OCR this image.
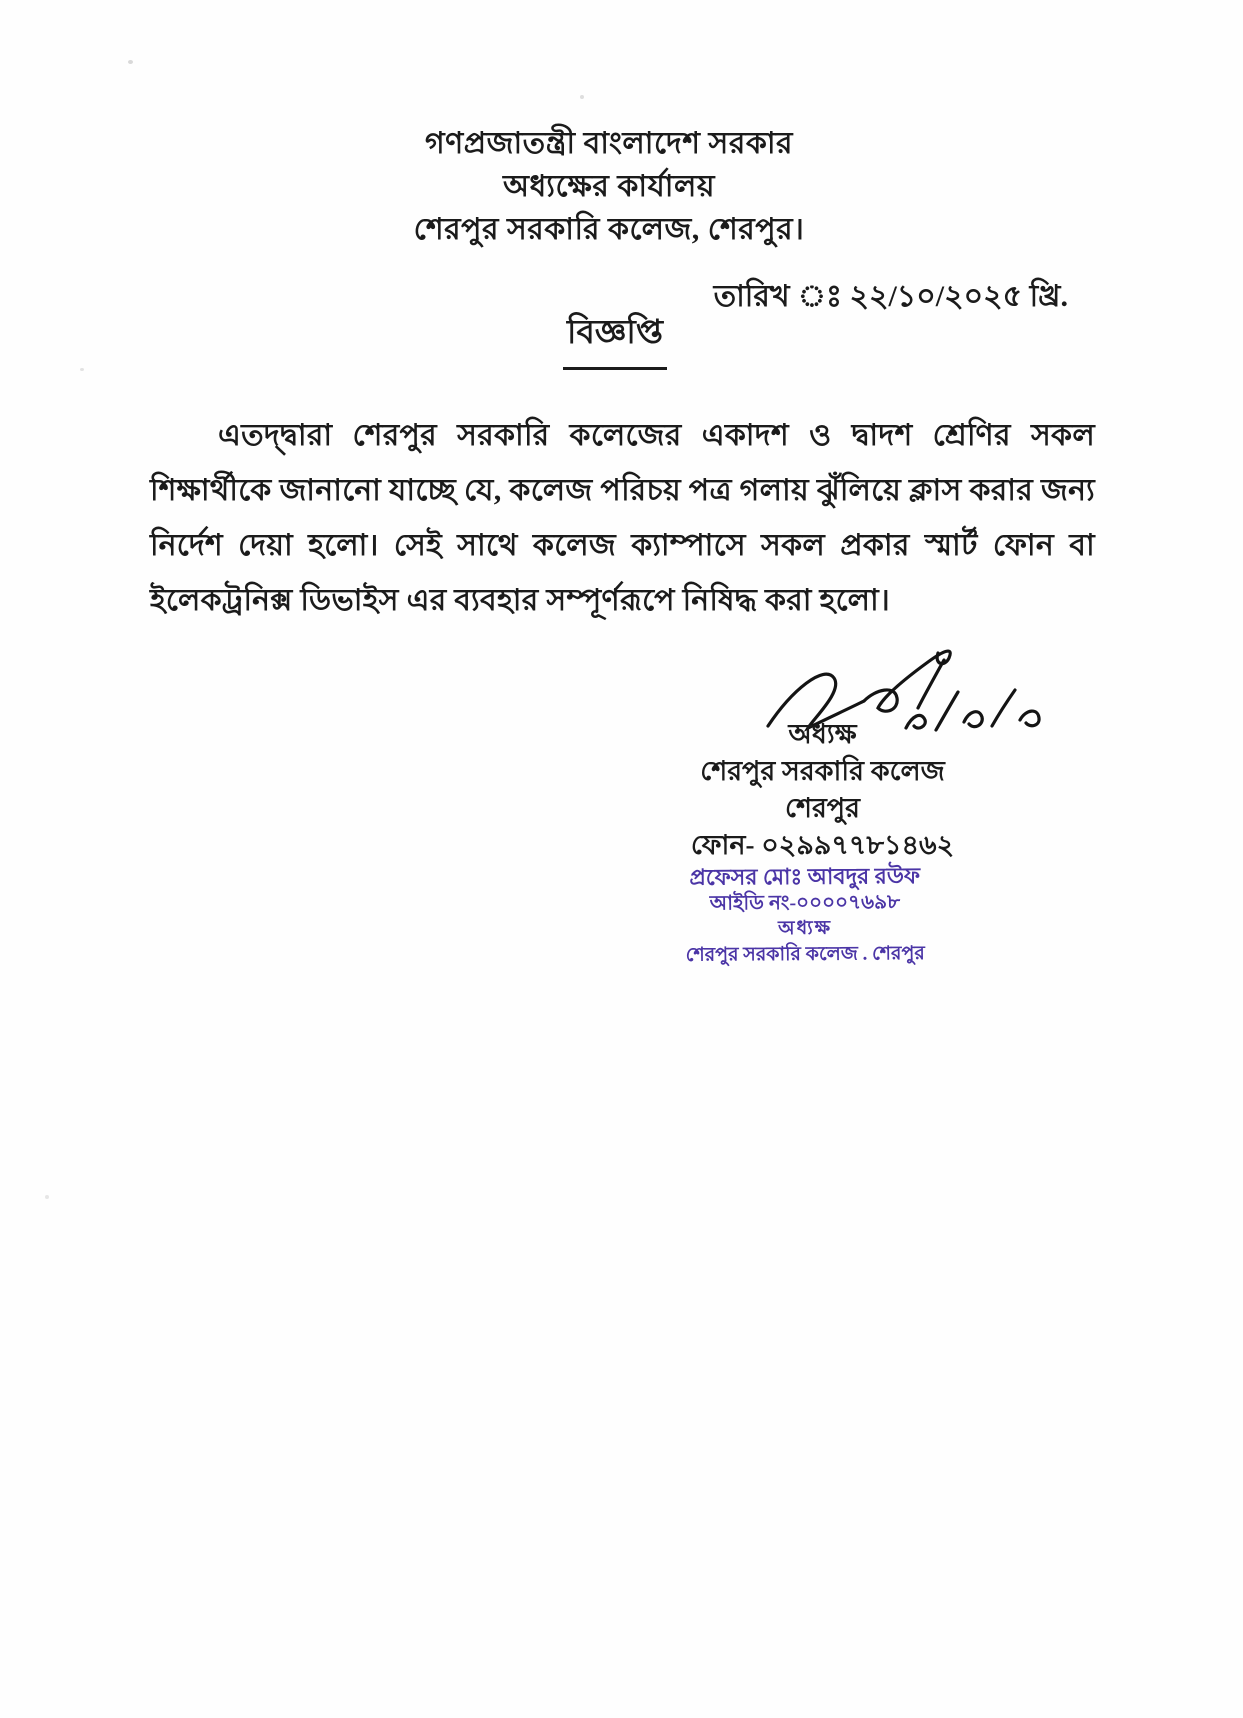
গণপ্রজাতন্ত্রী বাংলাদেশ সরকার
অধ্যক্ষের কার্যালয়
শেরপুর সরকারি কলেজ, শেরপুর।
তারিখ ঃ ২২/১০/২০২৫ খ্রি.
বিজ্ঞপ্তি
এতদ্দ্বারা শেরপুর সরকারি কলেজের একাদশ ও দ্বাদশ শ্রেণির সকল শিক্ষার্থীকে জানানো যাচ্ছে যে, কলেজ পরিচয় পত্র গলায় ঝুঁলিয়ে ক্লাস করার জন্য নির্দেশ দেয়া হলো। সেই সাথে কলেজ ক্যাম্পাসে সকল প্রকার স্মার্ট ফোন বা ইলেকট্রনিক্স ডিভাইস এর ব্যবহার সম্পূর্ণরূপে নিষিদ্ধ করা হলো।
অধ্যক্ষ
শেরপুর সরকারি কলেজ
শেরপুর
ফোন- ০২৯৯৭৭৮১৪৬২
প্রফেসর মোঃ আবদুর রউফ
আইডি নং-০০০০৭৬৯৮
অধ্যক্ষ
শেরপুর সরকারি কলেজ . শেরপুর
